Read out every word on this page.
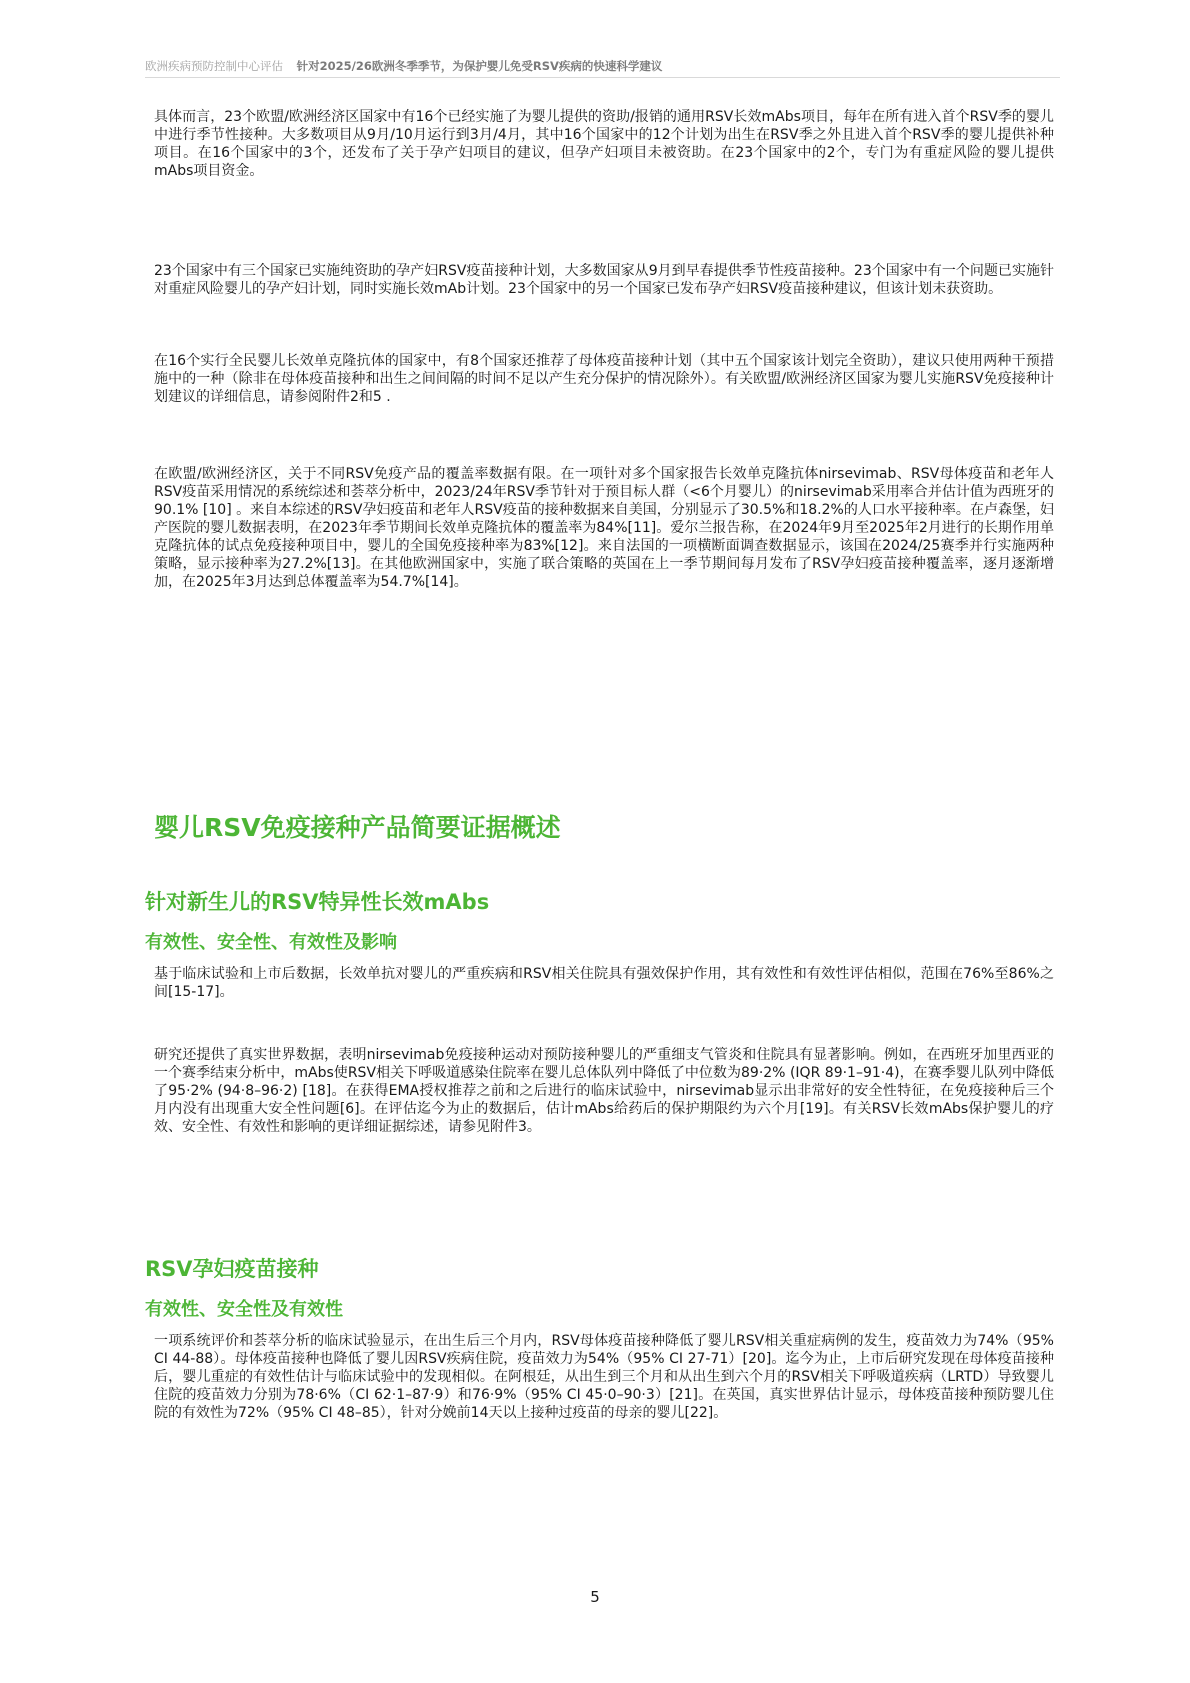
欧洲疾病预防控制中心评估 针对2025/26欧洲冬季季节，为保护婴儿免受RSV疾病的快速科学建议

具体而言，23个欧盟/欧洲经济区国家中有16个已经实施了为婴儿提供的资助/报销的通用RSV长效mAbs项目，每年在所有进入首个RSV季的婴儿中进行季节性接种。大多数项目从9月/10月运行到3月/4月，其中16个国家中的12个计划为出生在RSV季之外且进入首个RSV季的婴儿提供补种项目。在16个国家中的3个，还发布了关于孕产妇项目的建议，但孕产妇项目未被资助。在23个国家中的2个，专门为有重症风险的婴儿提供mAbs项目资金。

23个国家中有三个国家已实施纯资助的孕产妇RSV疫苗接种计划，大多数国家从9月到早春提供季节性疫苗接种。23个国家中有一个问题已实施针对重症风险婴儿的孕产妇计划，同时实施长效mAb计划。23个国家中的另一个国家已发布孕产妇RSV疫苗接种建议，但该计划未获资助。

在16个实行全民婴儿长效单克隆抗体的国家中，有8个国家还推荐了母体疫苗接种计划（其中五个国家该计划完全资助），建议只使用两种干预措施中的一种（除非在母体疫苗接种和出生之间间隔的时间不足以产生充分保护的情况除外）。有关欧盟/欧洲经济区国家为婴儿实施RSV免疫接种计划建议的详细信息，请参阅附件2和5 .

在欧盟/欧洲经济区，关于不同RSV免疫产品的覆盖率数据有限。在一项针对多个国家报告长效单克隆抗体nirsevimab、RSV母体疫苗和老年人RSV疫苗采用情况的系统综述和荟萃分析中，2023/24年RSV季节针对于预目标人群（<6个月婴儿）的nirsevimab采用率合并估计值为西班牙的90.1% [10] 。来自本综述的RSV孕妇疫苗和老年人RSV疫苗的接种数据来自美国，分别显示了30.5%和18.2%的人口水平接种率。在卢森堡，妇产医院的婴儿数据表明，在2023年季节期间长效单克隆抗体的覆盖率为84%[11]。爱尔兰报告称，在2024年9月至2025年2月进行的长期作用单克隆抗体的试点免疫接种项目中，婴儿的全国免疫接种率为83%[12]。来自法国的一项横断面调查数据显示，该国在2024/25赛季并行实施两种策略，显示接种率为27.2%[13]。在其他欧洲国家中，实施了联合策略的英国在上一季节期间每月发布了RSV孕妇疫苗接种覆盖率，逐月逐渐增加，在2025年3月达到总体覆盖率为54.7%[14]。

婴儿RSV免疫接种产品简要证据概述
针对新生儿的RSV特异性长效mAbs
有效性、安全性、有效性及影响

基于临床试验和上市后数据，长效单抗对婴儿的严重疾病和RSV相关住院具有强效保护作用，其有效性和有效性评估相似，范围在76%至86%之间[15-17]。

研究还提供了真实世界数据，表明nirsevimab免疫接种运动对预防接种婴儿的严重细支气管炎和住院具有显著影响。例如，在西班牙加里西亚的一个赛季结束分析中，mAbs使RSV相关下呼吸道感染住院率在婴儿总体队列中降低了中位数为89·2% (IQR 89·1–91·4)，在赛季婴儿队列中降低了95·2% (94·8–96·2) [18]。在获得EMA授权推荐之前和之后进行的临床试验中，nirsevimab显示出非常好的安全性特征，在免疫接种后三个月内没有出现重大安全性问题[6]。在评估迄今为止的数据后，估计mAbs给药后的保护期限约为六个月[19]。有关RSV长效mAbs保护婴儿的疗效、安全性、有效性和影响的更详细证据综述，请参见附件3。

RSV孕妇疫苗接种
有效性、安全性及有效性

一项系统评价和荟萃分析的临床试验显示，在出生后三个月内，RSV母体疫苗接种降低了婴儿RSV相关重症病例的发生，疫苗效力为74%（95% CI 44-88）。母体疫苗接种也降低了婴儿因RSV疾病住院，疫苗效力为54%（95% CI 27-71）[20]。迄今为止，上市后研究发现在母体疫苗接种后，婴儿重症的有效性估计与临床试验中的发现相似。在阿根廷，从出生到三个月和从出生到六个月的RSV相关下呼吸道疾病（LRTD）导致婴儿住院的疫苗效力分别为78·6%（CI 62·1–87·9）和76·9%（95% CI 45·0–90·3）[21]。在英国，真实世界估计显示，母体疫苗接种预防婴儿住院的有效性为72%（95% CI 48–85），针对分娩前14天以上接种过疫苗的母亲的婴儿[22]。

5
